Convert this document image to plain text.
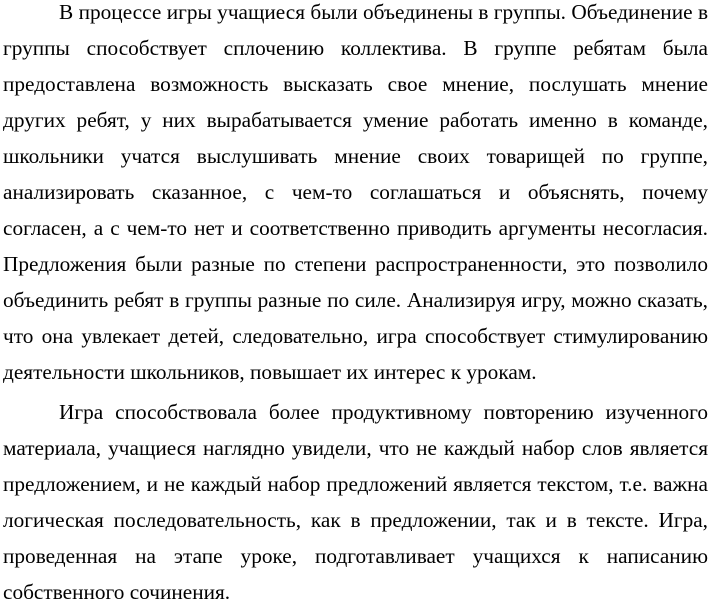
В процессе игры учащиеся были объединены в группы. Объединение в

группы способствует сплочению коллектива. В группе ребятам была

предоставлена возможность высказать свое мнение, послушать мнение

других ребят, у них вырабатывается умение работать именно в команде,

школьники учатся выслушивать мнение своих товарищей по группе,

анализировать сказанное, с чем-то соглашаться и объяснять, почему

согласен, а с чем-то нет и соответственно приводить аргументы несогласия.

Предложения были разные по степени распространенности, это позволило

объединить ребят в группы разные по силе. Анализируя игру, можно сказать,

что она увлекает детей, следовательно, игра способствует стимулированию

деятельности школьников, повышает их интерес к урокам.

Игра способствовала более продуктивному повторению изученного

материала, учащиеся наглядно увидели, что не каждый набор слов является

предложением, и не каждый набор предложений является текстом, т.е. важна

логическая последовательность, как в предложении, так и в тексте. Игра,

проведенная на этапе уроке, подготавливает учащихся к написанию

собственного сочинения.
